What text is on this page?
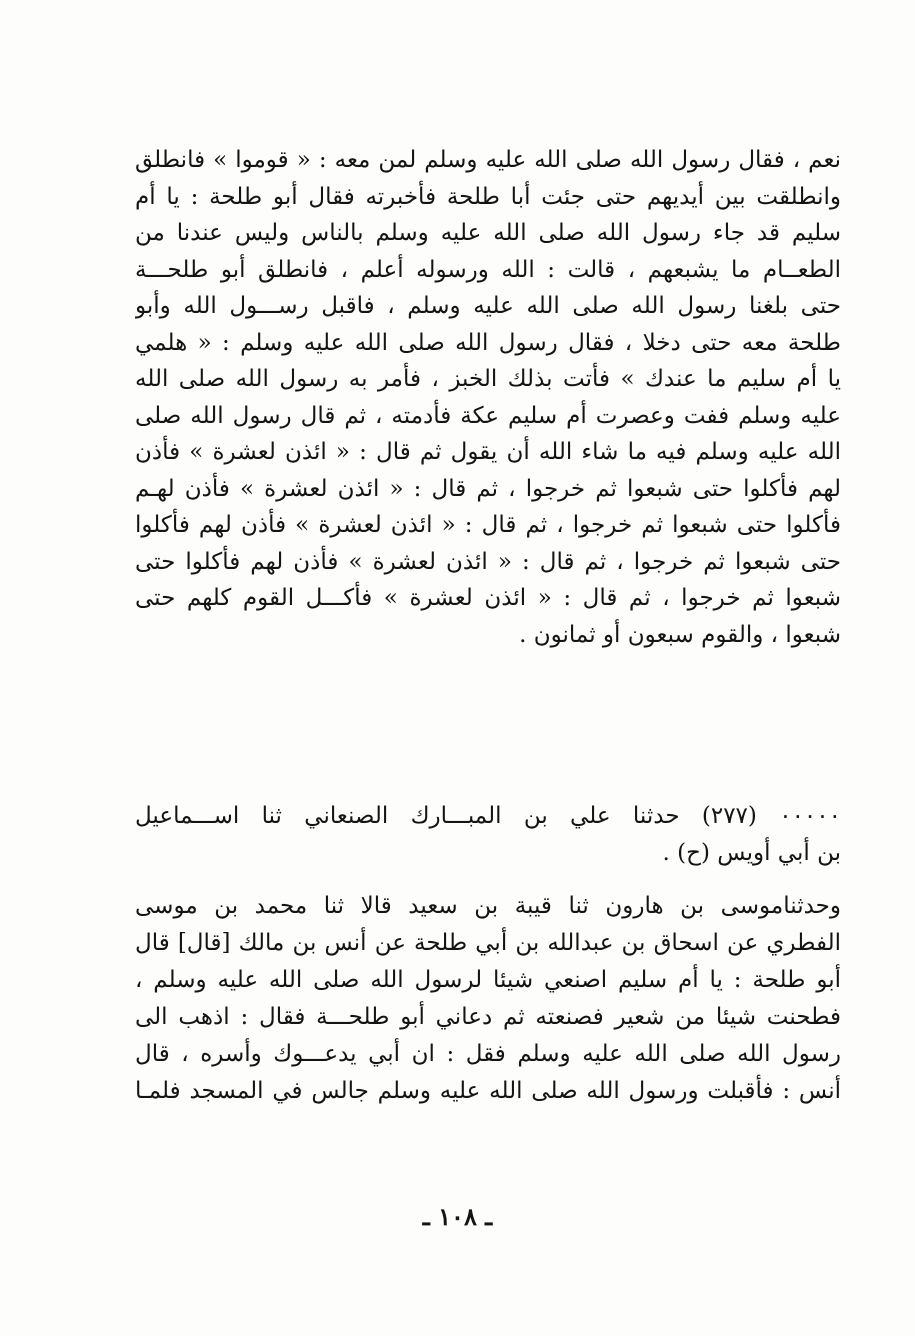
نعم ، فقال رسول الله صلى الله عليه وسلم لمن معه : « قوموا » فانطلق
وانطلقت بين أيديهم حتى جئت أبا طلحة فأخبرته فقال أبو طلحة : يا أم
سليم قد جاء رسول الله صلى الله عليه وسلم بالناس وليس عندنا من
الطعــام ما يشبعهم ، قالت : الله ورسوله أعلم ، فانطلق أبو طلحـــة
حتى بلغنا رسول الله صلى الله عليه وسلم ، فاقبل رســـول الله وأبو
طلحة معه حتى دخلا ، فقال رسول الله صلى الله عليه وسلم : « هلمي
يا أم سليم ما عندك » فأتت بذلك الخبز ، فأمر به رسول الله صلى الله
عليه وسلم ففت وعصرت أم سليم عكة فأدمته ، ثم قال رسول الله صلى
الله عليه وسلم فيه ما شاء الله أن يقول ثم قال : « ائذن لعشرة » فأذن
لهم فأكلوا حتى شبعوا ثم خرجوا ، ثم قال : « ائذن لعشرة » فأذن لهـم
فأكلوا حتى شبعوا ثم خرجوا ، ثم قال : « ائذن لعشرة » فأذن لهم فأكلوا
حتى شبعوا ثم خرجوا ، ثم قال : « ائذن لعشرة » فأذن لهم فأكلوا حتى
شبعوا ثم خرجوا ، ثم قال : « ائذن لعشرة » فأكـــل القوم كلهم حتى
شبعوا ، والقوم سبعون أو ثمانون .
٠٠٠٠٠ (٢٧٧) حدثنا علي بن المبـــارك الصنعاني ثنا اســـماعيل
بن أبي أويس (ح) .
وحدثناموسى بن هارون ثنا قيبة بن سعيد قالا ثنا محمد بن موسى
الفطري عن اسحاق بن عبدالله بن أبي طلحة عن أنس بن مالك [قال] قال
أبو طلحة : يا أم سليم اصنعي شيئا لرسول الله صلى الله عليه وسلم ،
فطحنت شيئا من شعير فصنعته ثم دعاني أبو طلحـــة فقال : اذهب الى
رسول الله صلى الله عليه وسلم فقل : ان أبي يدعـــوك وأسره ، قال
أنس : فأقبلت ورسول الله صلى الله عليه وسلم جالس في المسجد فلمـا
ـ ١٠٨ ـ
